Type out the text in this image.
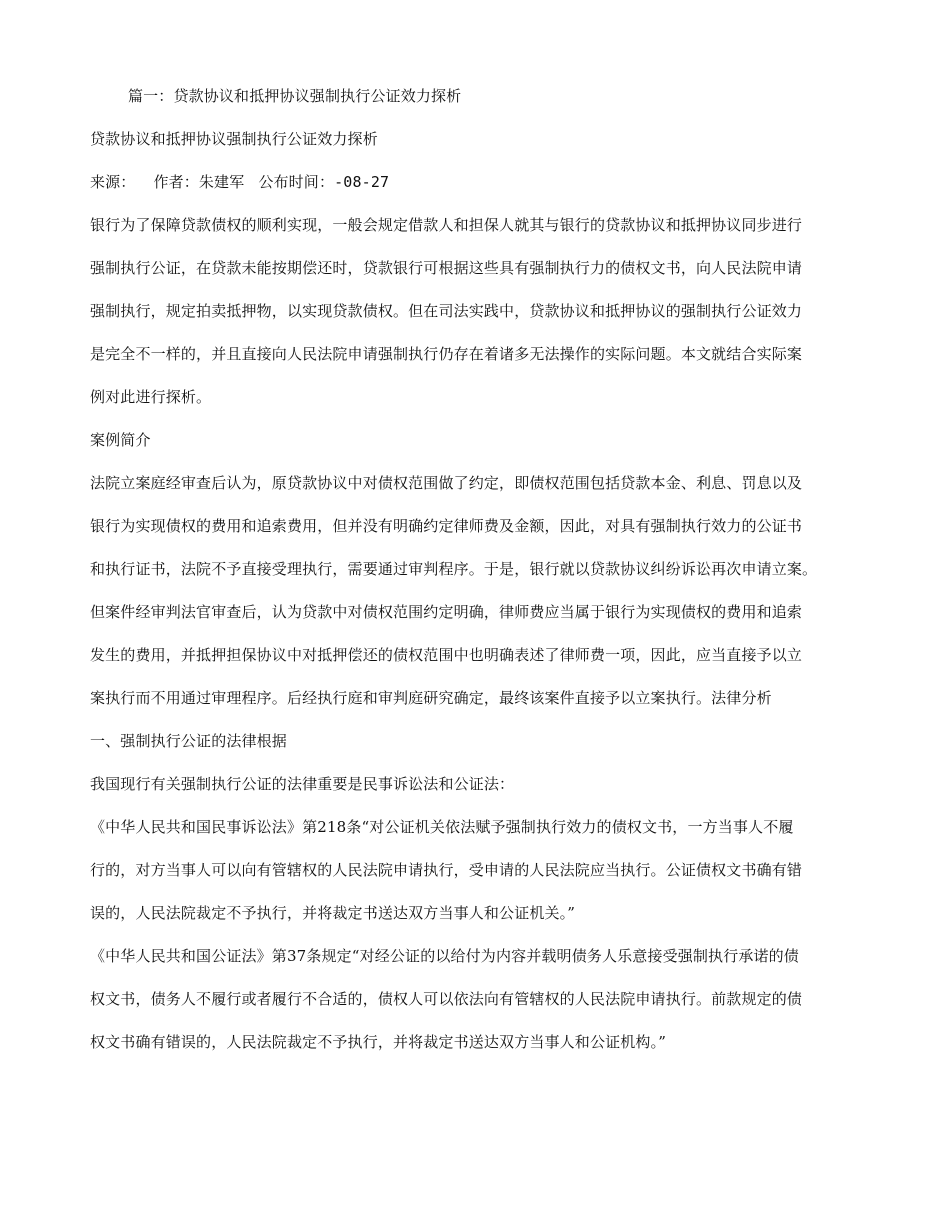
篇一：贷款协议和抵押协议强制执行公证效力探析
贷款协议和抵押协议强制执行公证效力探析
来源： 作者：朱建军 公布时间：-08-27
银行为了保障贷款债权的顺利实现，一般会规定借款人和担保人就其与银行的贷款协议和抵押协议同步进行
强制执行公证，在贷款未能按期偿还时，贷款银行可根据这些具有强制执行力的债权文书，向人民法院申请
强制执行，规定拍卖抵押物，以实现贷款债权。但在司法实践中，贷款协议和抵押协议的强制执行公证效力
是完全不一样的，并且直接向人民法院申请强制执行仍存在着诸多无法操作的实际问题。本文就结合实际案
例对此进行探析。
案例简介
法院立案庭经审查后认为，原贷款协议中对债权范围做了约定，即债权范围包括贷款本金、利息、罚息以及
银行为实现债权的费用和追索费用，但并没有明确约定律师费及金额，因此，对具有强制执行效力的公证书
和执行证书，法院不予直接受理执行，需要通过审判程序。于是，银行就以贷款协议纠纷诉讼再次申请立案。
但案件经审判法官审查后，认为贷款中对债权范围约定明确，律师费应当属于银行为实现债权的费用和追索
发生的费用，并抵押担保协议中对抵押偿还的债权范围中也明确表述了律师费一项，因此，应当直接予以立
案执行而不用通过审理程序。后经执行庭和审判庭研究确定，最终该案件直接予以立案执行。法律分析
一、强制执行公证的法律根据
我国现行有关强制执行公证的法律重要是民事诉讼法和公证法：
《中华人民共和国民事诉讼法》第218条“对公证机关依法赋予强制执行效力的债权文书，一方当事人不履
行的，对方当事人可以向有管辖权的人民法院申请执行，受申请的人民法院应当执行。公证债权文书确有错
误的，人民法院裁定不予执行，并将裁定书送达双方当事人和公证机关。”
《中华人民共和国公证法》第37条规定“对经公证的以给付为内容并载明债务人乐意接受强制执行承诺的债
权文书，债务人不履行或者履行不合适的，债权人可以依法向有管辖权的人民法院申请执行。前款规定的债
权文书确有错误的，人民法院裁定不予执行，并将裁定书送达双方当事人和公证机构。”
